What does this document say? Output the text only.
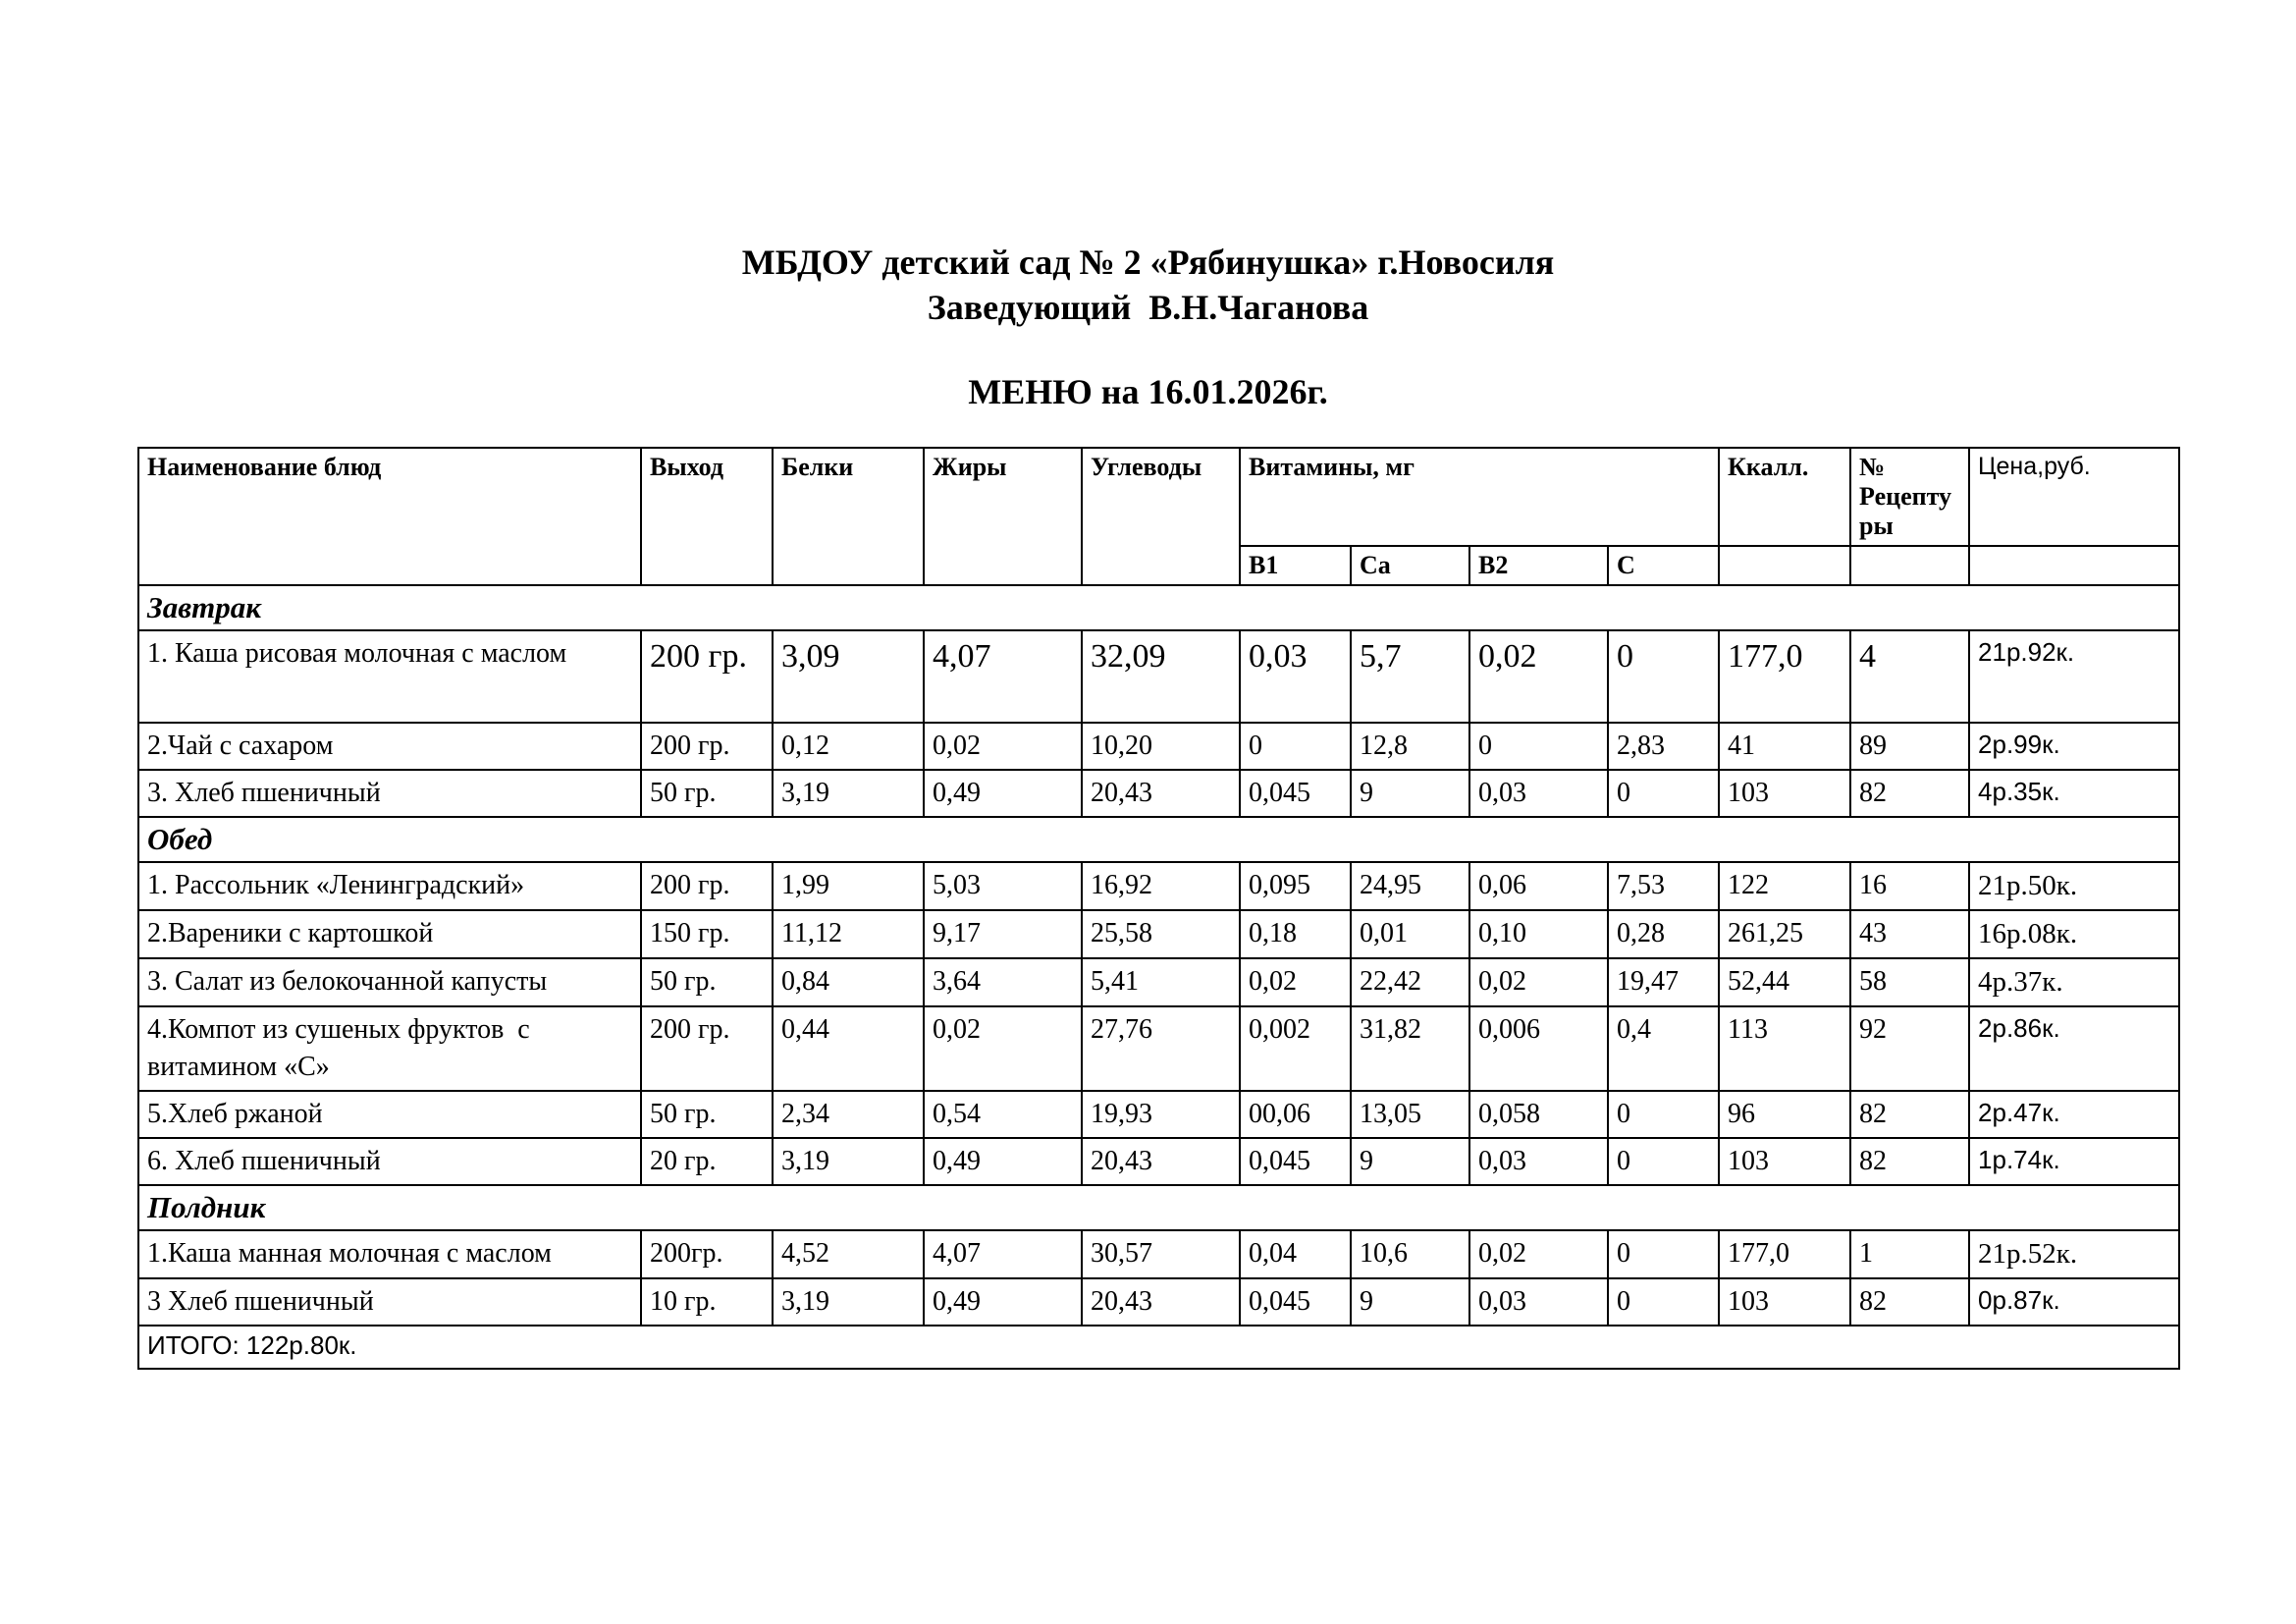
МБДОУ детский сад № 2 «Рябинушка» г.Новосиля
Заведующий  В.Н.Чаганова
МЕНЮ на 16.01.2026г.
Наименование блюд	Выход	Белки	Жиры	Углеводы	Витамины, мг				Ккалл.	№ Рецептуры	Цена,руб.
					B1	Ca	B2	C			
Завтрак											
1. Каша рисовая молочная с маслом	200 гр.	3,09	4,07	32,09	0,03	5,7	0,02	0	177,0	4	21р.92к.
2.Чай с сахаром	200 гр.	0,12	0,02	10,20	0	12,8	0	2,83	41	89	2р.99к.
3. Хлеб пшеничный	50 гр.	3,19	0,49	20,43	0,045	9	0,03	0	103	82	4р.35к.
Обед											
1. Рассольник «Ленинградский»	200 гр.	1,99	5,03	16,92	0,095	24,95	0,06	7,53	122	16	21р.50к.
2.Вареники с картошкой	150 гр.	11,12	9,17	25,58	0,18	0,01	0,10	0,28	261,25	43	16р.08к.
3. Салат из белокочанной капусты	50 гр.	0,84	3,64	5,41	0,02	22,42	0,02	19,47	52,44	58	4р.37к.
4.Компот из сушеных фруктов  с витамином «С»	200 гр.	0,44	0,02	27,76	0,002	31,82	0,006	0,4	113	92	2р.86к.
5.Хлеб ржаной	50 гр.	2,34	0,54	19,93	00,06	13,05	0,058	0	96	82	2р.47к.
6. Хлеб пшеничный	20 гр.	3,19	0,49	20,43	0,045	9	0,03	0	103	82	1р.74к.
Полдник											
1.Каша манная молочная с маслом	200гр.	4,52	4,07	30,57	0,04	10,6	0,02	0	177,0	1	21р.52к.
3 Хлеб пшеничный	10 гр.	3,19	0,49	20,43	0,045	9	0,03	0	103	82	0р.87к.
ИТОГО: 122р.80к.											
